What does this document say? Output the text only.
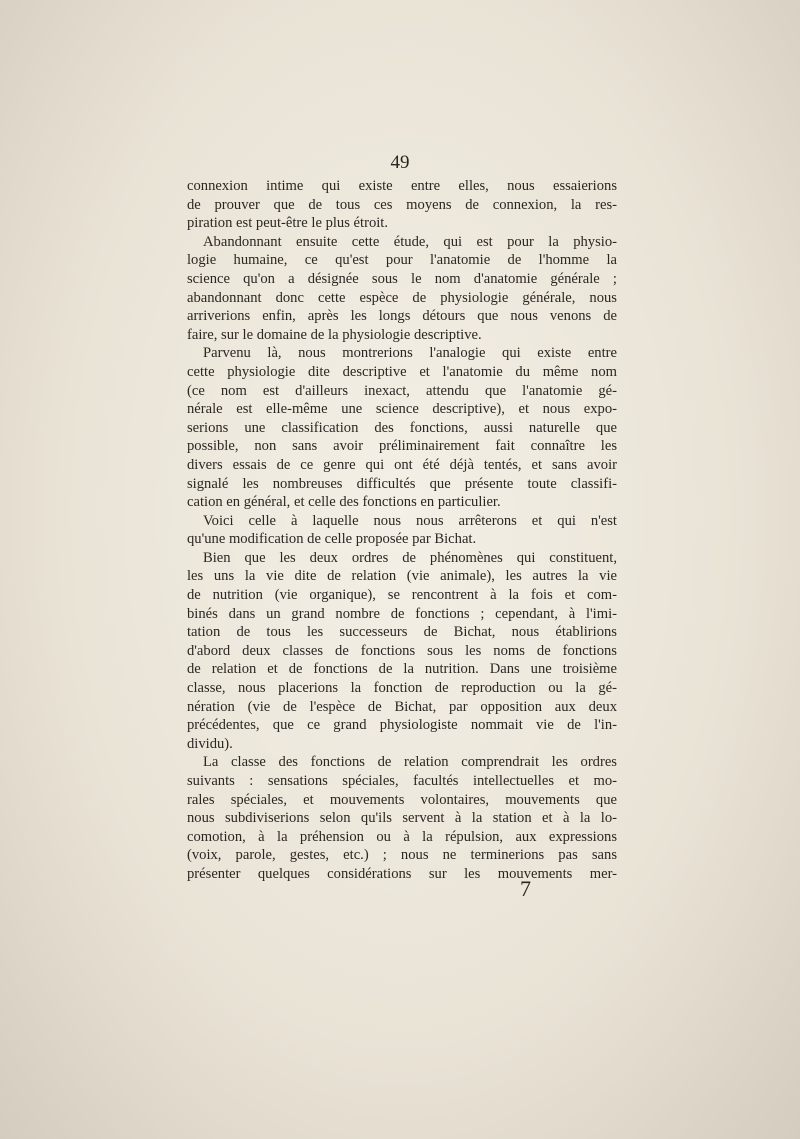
49
connexion intime qui existe entre elles, nous essaierions
de prouver que de tous ces moyens de connexion, la res-
piration est peut-être le plus étroit.
Abandonnant ensuite cette étude, qui est pour la physio-
logie humaine, ce qu'est pour l'anatomie de l'homme la
science qu'on a désignée sous le nom d'anatomie générale ;
abandonnant donc cette espèce de physiologie générale, nous
arriverions enfin, après les longs détours que nous venons de
faire, sur le domaine de la physiologie descriptive.
Parvenu là, nous montrerions l'analogie qui existe entre
cette physiologie dite descriptive et l'anatomie du même nom
(ce nom est d'ailleurs inexact, attendu que l'anatomie gé-
nérale est elle-même une science descriptive), et nous expo-
serions une classification des fonctions, aussi naturelle que
possible, non sans avoir préliminairement fait connaître les
divers essais de ce genre qui ont été déjà tentés, et sans avoir
signalé les nombreuses difficultés que présente toute classifi-
cation en général, et celle des fonctions en particulier.
Voici celle à laquelle nous nous arrêterons et qui n'est
qu'une modification de celle proposée par Bichat.
Bien que les deux ordres de phénomènes qui constituent,
les uns la vie dite de relation (vie animale), les autres la vie
de nutrition (vie organique), se rencontrent à la fois et com-
binés dans un grand nombre de fonctions ; cependant, à l'imi-
tation de tous les successeurs de Bichat, nous établirions
d'abord deux classes de fonctions sous les noms de fonctions
de relation et de fonctions de la nutrition. Dans une troisième
classe, nous placerions la fonction de reproduction ou la gé-
nération (vie de l'espèce de Bichat, par opposition aux deux
précédentes, que ce grand physiologiste nommait vie de l'in-
dividu).
La classe des fonctions de relation comprendrait les ordres
suivants : sensations spéciales, facultés intellectuelles et mo-
rales spéciales, et mouvements volontaires, mouvements que
nous subdiviserions selon qu'ils servent à la station et à la lo-
comotion, à la préhension ou à la répulsion, aux expressions
(voix, parole, gestes, etc.) ; nous ne terminerions pas sans
présenter quelques considérations sur les mouvements mer-
7
